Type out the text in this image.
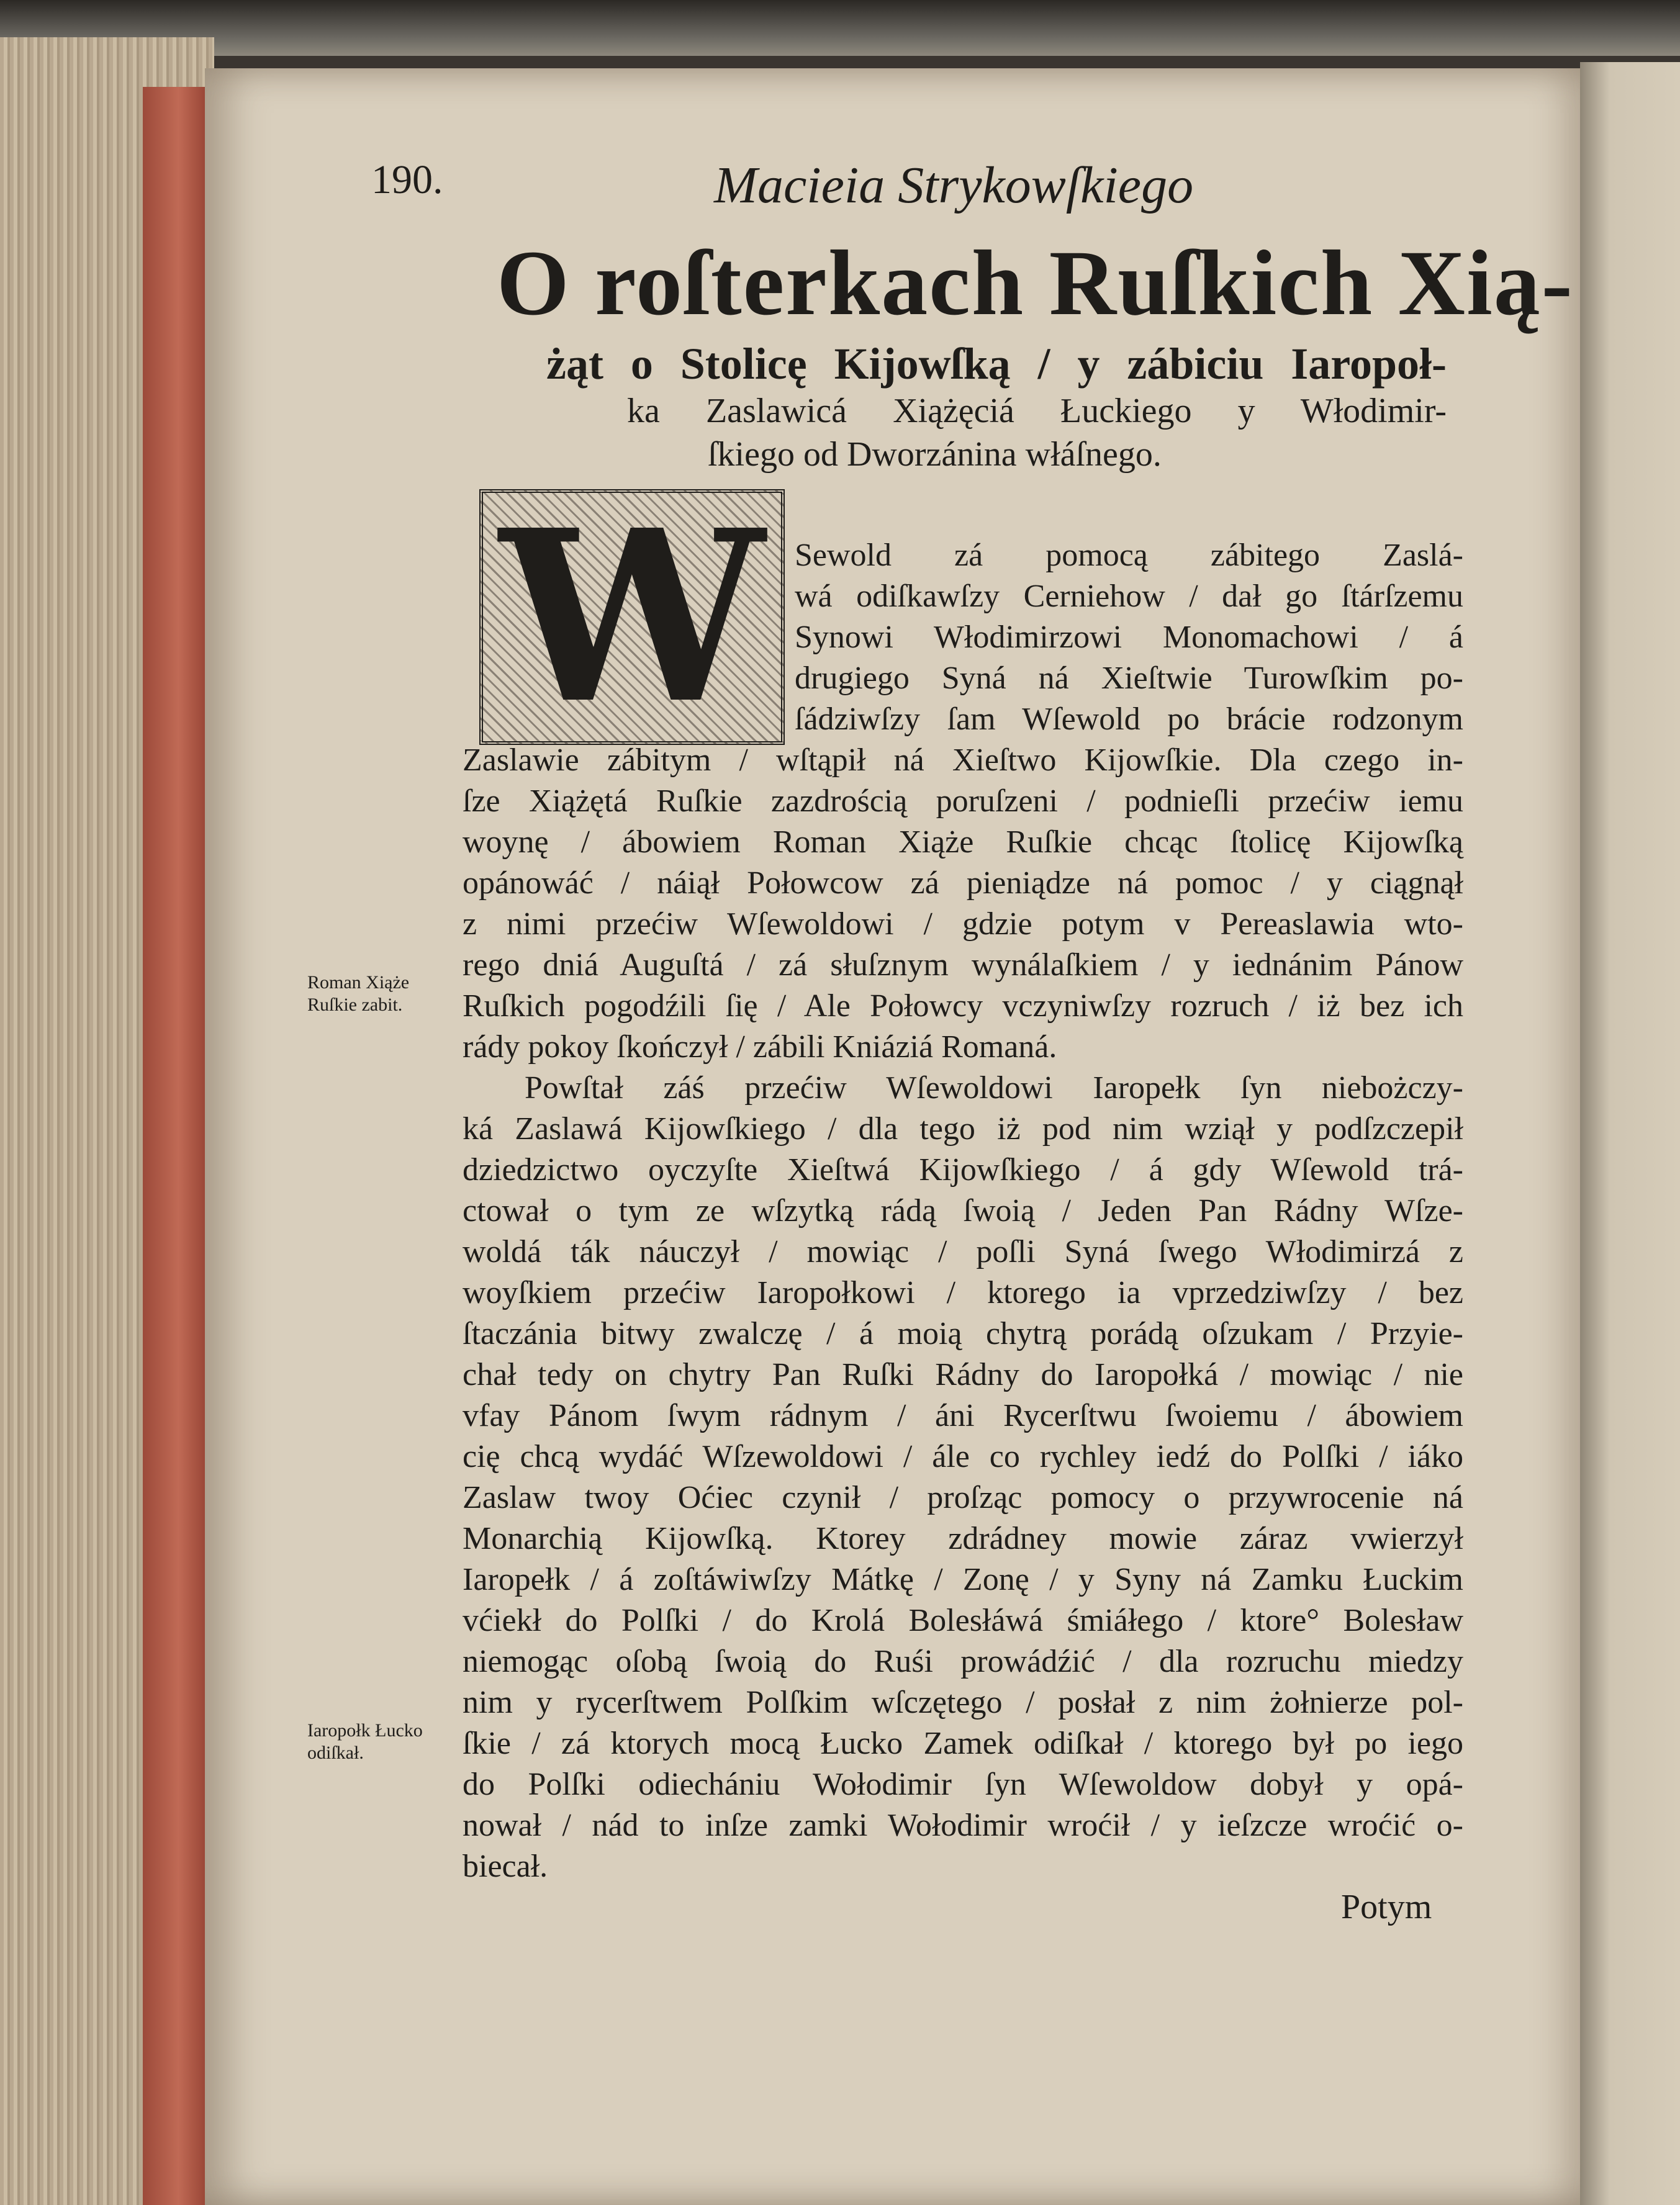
190.	Macieia Strykowſkiego
O roſterkach Ruſkich Xią-
żąt o Stolicę Kijowſką / y zábiciu Iaropoł-
ka Zaslawicá Xiążęciá Łuckiego y Włodimir-
ſkiego od Dworzánina włáſnego.
W Sewold zá pomocą zábitego Zaslá-
wá odiſkawſzy Cerniehow / dał go ſtárſzemu
Synowi Włodimirzowi Monomachowi / á
drugiego Syná ná Xieſtwie Turowſkim po-
ſádziwſzy ſam Wſewold po brácie rodzonym
Zaslawie zábitym / wſtąpił ná Xieſtwo Kijowſkie. Dla czego in-
ſze Xiążętá Ruſkie zazdrością poruſzeni / podnieſli przećiw iemu
woynę / ábowiem Roman Xiąże Ruſkie chcąc ſtolicę Kijowſką
opánowáć / náiął Połowcow zá pieniądze ná pomoc / y ciągnął
z nimi przećiw Wſewoldowi / gdzie potym v Pereaslawia wto-
rego dniá Auguſtá / zá słuſznym wynálaſkiem / y iednánim Pánow
Ruſkich pogodźili ſię / Ale Połowcy vczyniwſzy rozruch / iż bez ich
rády pokoy ſkończył / zábili Kniáziá Romaná.
Powſtał záś przećiw Wſewoldowi Iaropełk ſyn niebożczy-
ká Zaslawá Kijowſkiego / dla tego iż pod nim wziął y podſzczepił
dziedzictwo oyczyſte Xieſtwá Kijowſkiego / á gdy Wſewold trá-
ctował o tym ze wſzytką rádą ſwoią / Jeden Pan Rádny Wſze-
woldá ták náuczył / mowiąc / poſli Syná ſwego Włodimirzá z
woyſkiem przećiw Iaropołkowi / ktorego ia vprzedziwſzy / bez
ſtaczánia bitwy zwalczę / á moią chytrą porádą oſzukam / Przyie-
chał tedy on chytry Pan Ruſki Rádny do Iaropołká / mowiąc / nie
vfay Pánom ſwym rádnym / áni Rycerſtwu ſwoiemu / ábowiem
cię chcą wydáć Wſzewoldowi / ále co rychley iedź do Polſki / iáko
Zaslaw twoy Oćiec czynił / proſząc pomocy o przywrocenie ná
Monarchią Kijowſką. Ktorey zdrádney mowie záraz vwierzył
Iaropełk / á zoſtáwiwſzy Mátkę / Zonę / y Syny ná Zamku Łuckim
vćiekł do Polſki / do Krolá Bolesłáwá śmiáłego / ktore° Bolesław
niemogąc oſobą ſwoią do Ruśi prowádźić / dla rozruchu miedzy
nim y rycerſtwem Polſkim wſczętego / posłał z nim żołnierze pol-
ſkie / zá ktorych mocą Łucko Zamek odiſkał / ktorego był po iego
do Polſki odiechániu Wołodimir ſyn Wſewoldow dobył y opá-
nował / nád to inſze zamki Wołodimir wroćił / y ieſzcze wroćić o-
biecał.
Roman Xiąże Ruſkie zabit.
Iaropołk Łucko odiſkał.
Potym
